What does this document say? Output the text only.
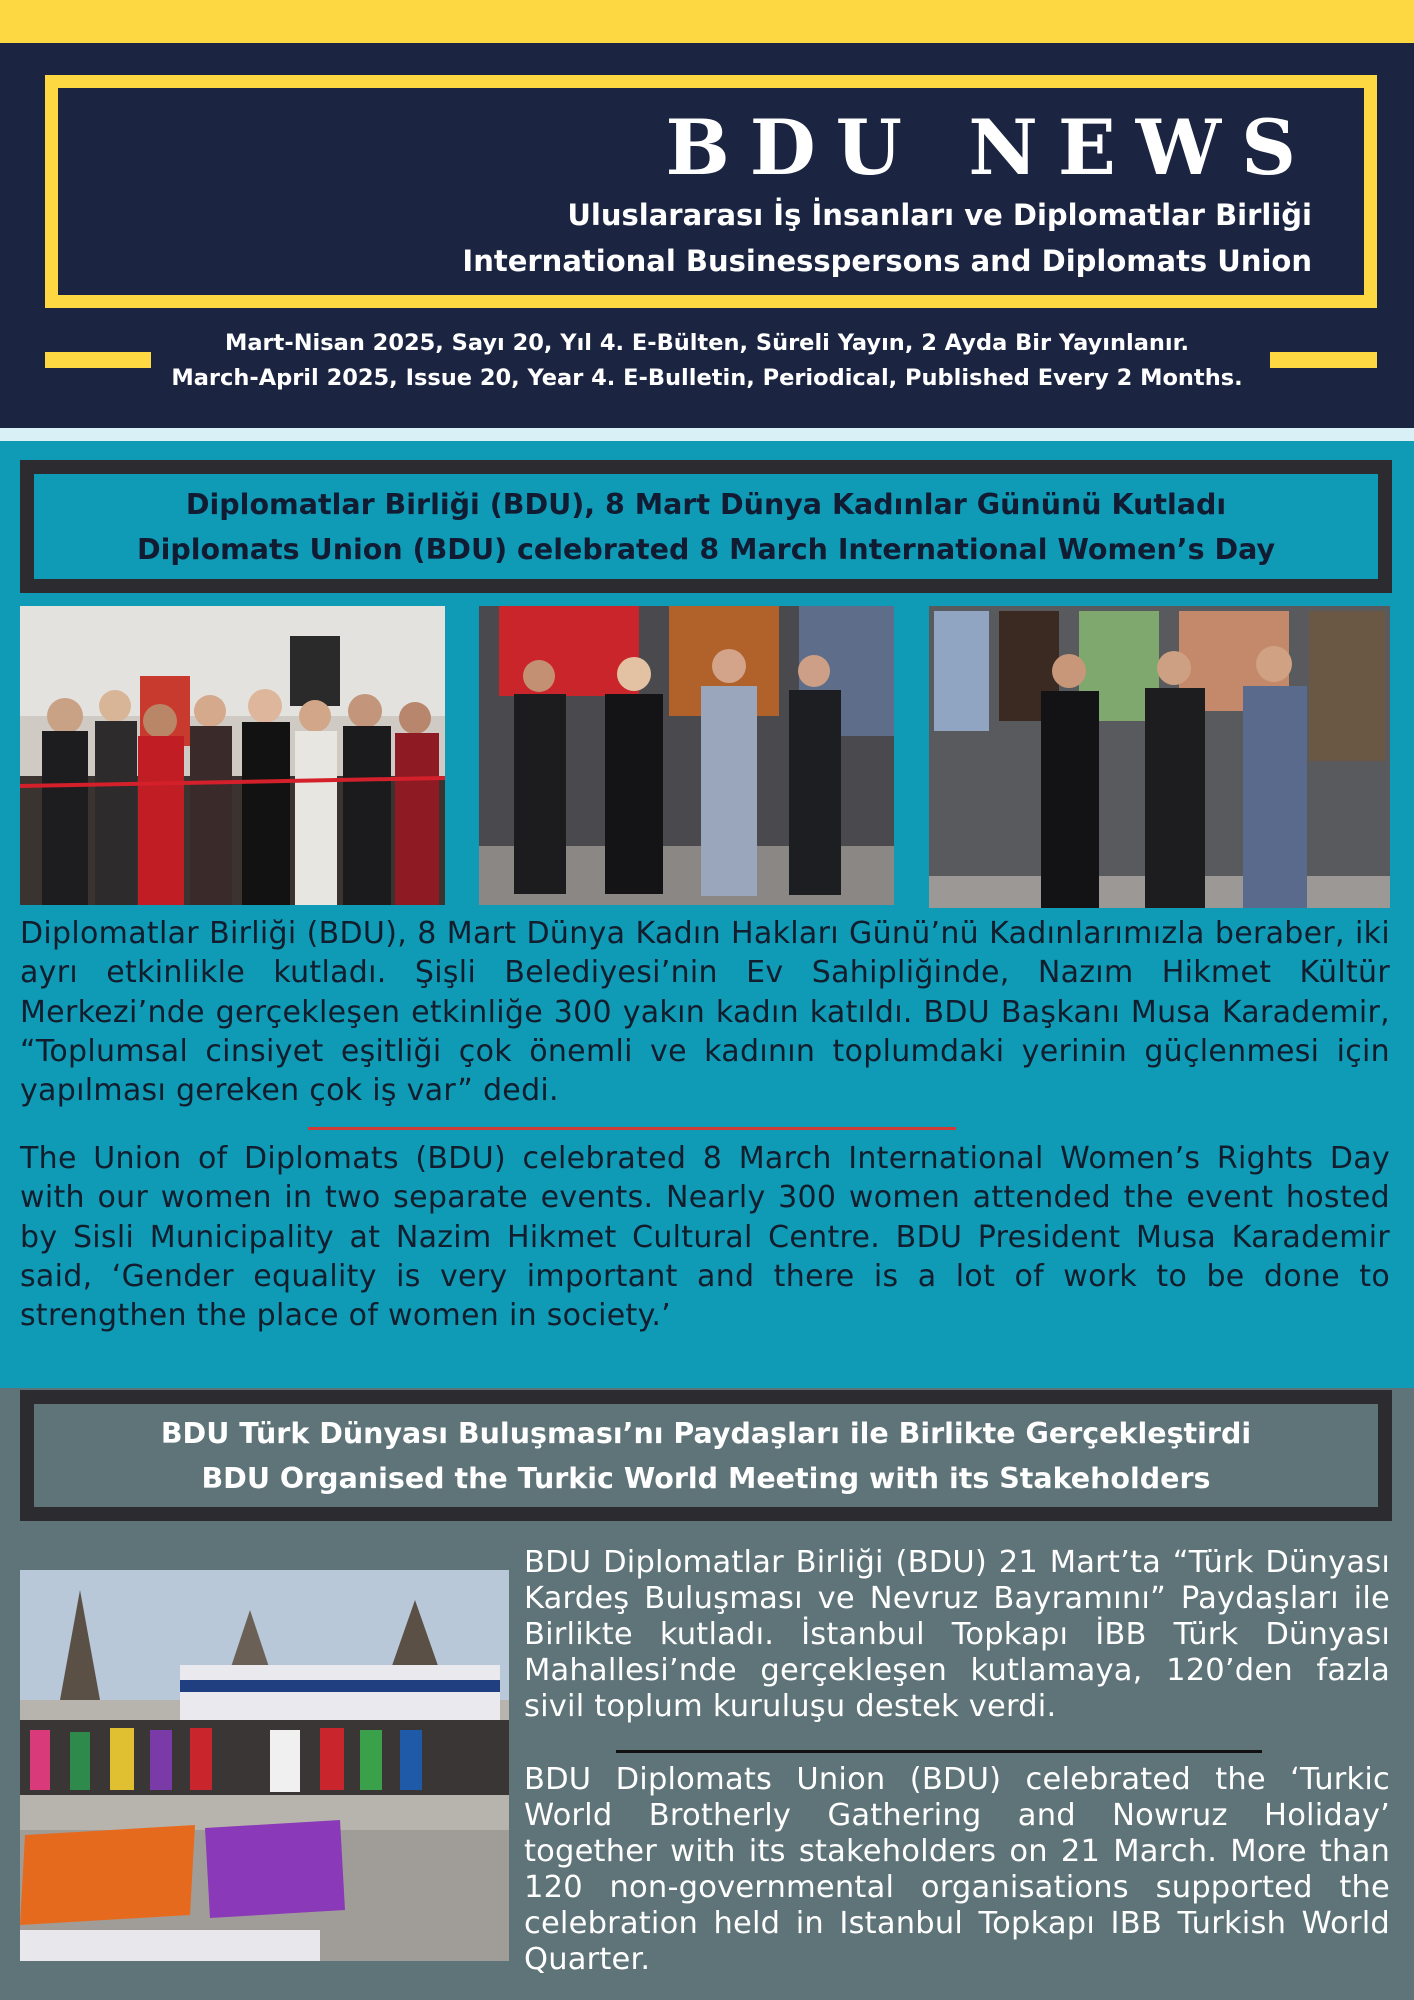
BDU NEWS
Uluslararası İş İnsanları ve Diplomatlar Birliği
International Businesspersons and Diplomats Union
Mart-Nisan 2025, Sayı 20, Yıl 4. E-Bülten, Süreli Yayın, 2 Ayda Bir Yayınlanır.
March-April 2025, Issue 20, Year 4. E-Bulletin, Periodical, Published Every 2 Months.
Diplomatlar Birliği (BDU), 8 Mart Dünya Kadınlar Gününü Kutladı
Diplomats Union (BDU) celebrated 8 March International Women’s Day
Diplomatlar Birliği (BDU), 8 Mart Dünya Kadın Hakları Günü’nü Kadınlarımızla beraber, iki ayrı etkinlikle kutladı. Şişli Belediyesi’nin Ev Sahipliğinde, Nazım Hikmet Kültür Merkezi’nde gerçekleşen etkinliğe 300 yakın kadın katıldı. BDU Başkanı Musa Karademir, “Toplumsal cinsiyet eşitliği çok önemli ve kadının toplumdaki yerinin güçlenmesi için yapılması gereken çok iş var” dedi.
The Union of Diplomats (BDU) celebrated 8 March International Women’s Rights Day with our women in two separate events. Nearly 300 women attended the event hosted by Sisli Municipality at Nazim Hikmet Cultural Centre. BDU President Musa Karademir said, ‘Gender equality is very important and there is a lot of work to be done to strengthen the place of women in society.’
BDU Türk Dünyası Buluşması’nı Paydaşları ile Birlikte Gerçekleştirdi
BDU Organised the Turkic World Meeting with its Stakeholders
BDU Diplomatlar Birliği (BDU) 21 Mart’ta “Türk Dünyası Kardeş Buluşması ve Nevruz Bayramını” Paydaşları ile Birlikte kutladı. İstanbul Topkapı İBB Türk Dünyası Mahallesi’nde gerçekleşen kutlamaya, 120’den fazla sivil toplum kuruluşu destek verdi.
BDU Diplomats Union (BDU) celebrated the ‘Turkic World Brotherly Gathering and Nowruz Holiday’ together with its stakeholders on 21 March. More than 120 non-governmental organisations supported the celebration held in Istanbul Topkapı IBB Turkish World Quarter.
